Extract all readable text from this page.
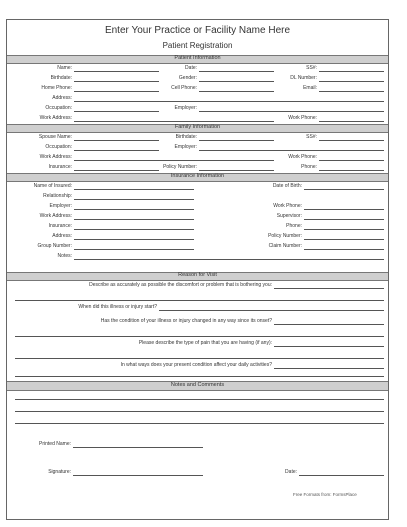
Enter Your Practice or Facility Name Here
Patient Registration
Patient Information
Name:	Date:	SS#:
Birthdate:	Gender:	DL Number:
Home Phone:	Cell Phone:	Email:
Address:
Occupation:	Employer:
Work Address:	Work Phone:
Family Information
Spouse Name:	Birthdate:	SS#:
Occupation:	Employer:
Work Address:	Work Phone:
Insurance:	Policy Number:	Phone:
Insurance Information
Name of Insured:	Date of Birth:
Relationship:
Employer:	Work Phone:
Work Address:	Supervisor:
Insurance:	Phone:
Address:	Policy Number:
Group Number:	Claim Number:
Notes:
Reason for Visit
Describe as accurately as possible the discomfort or problem that is bothering you:
When did this illness or injury start?
Has the condition of your illness or injury changed in any way since its onset?
Please describe the type of pain that you are having (if any):
In what ways does your present condition affect your daily activities?
Notes and Comments
Printed Name:
Signature:	Date:
Free Formats from: FormsPlace
